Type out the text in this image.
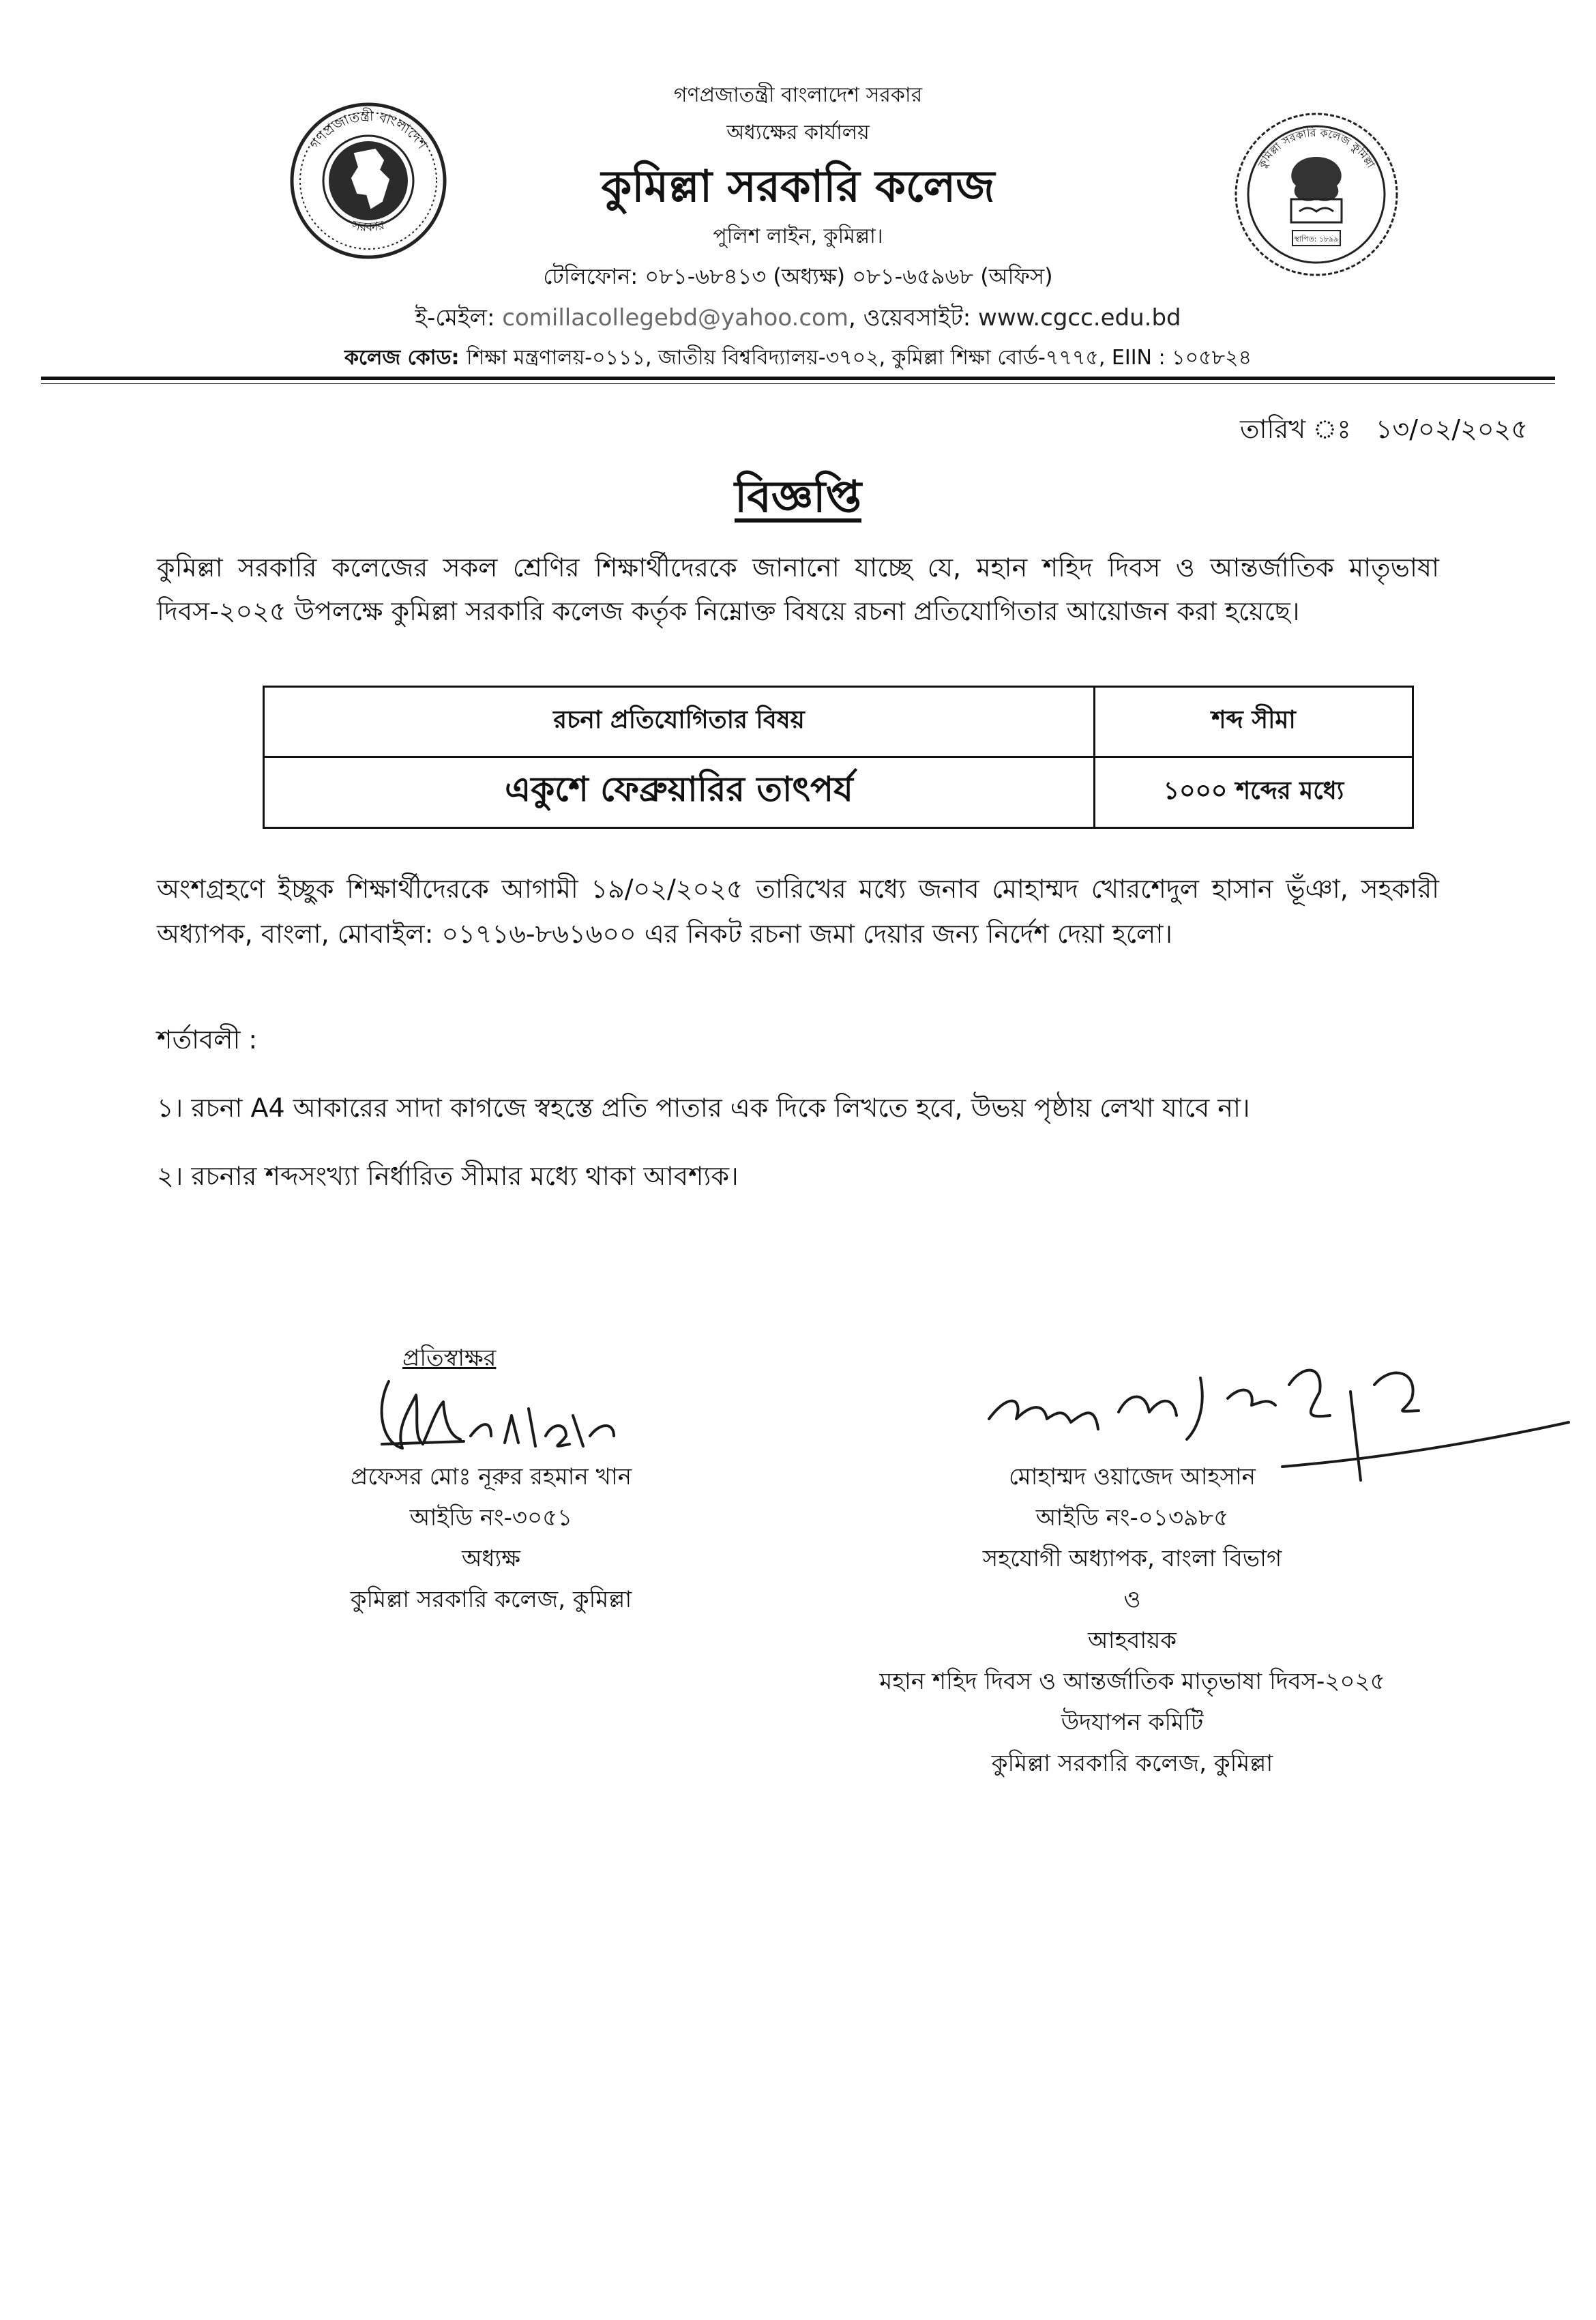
গণপ্রজাতন্ত্রী বাংলাদেশ
সরকার
কুমিল্লা সরকারি কলেজ কুমিল্লা
স্থাপিত: ১৮৯৯
গণপ্রজাতন্ত্রী বাংলাদেশ সরকার
অধ্যক্ষের কার্যালয়
কুমিল্লা সরকারি কলেজ
পুলিশ লাইন, কুমিল্লা।
টেলিফোন: ০৮১-৬৮৪১৩ (অধ্যক্ষ) ০৮১-৬৫৯৬৮ (অফিস)
ই-মেইল: comillacollegebd@yahoo.com, ওয়েবসাইট: www.cgcc.edu.bd
কলেজ কোড: শিক্ষা মন্ত্রণালয়-০১১১, জাতীয় বিশ্ববিদ্যালয়-৩৭০২, কুমিল্লা শিক্ষা বোর্ড-৭৭৭৫, EIIN : ১০৫৮২৪
তারিখ ঃ ১৩/০২/২০২৫
বিজ্ঞপ্তি
কুমিল্লা সরকারি কলেজের সকল শ্রেণির শিক্ষার্থীদেরকে জানানো যাচ্ছে যে, মহান শহিদ দিবস ও আন্তর্জাতিক মাতৃভাষা দিবস-২০২৫ উপলক্ষে কুমিল্লা সরকারি কলেজ কর্তৃক নিম্নোক্ত বিষয়ে রচনা প্রতিযোগিতার আয়োজন করা হয়েছে।
রচনা প্রতিযোগিতার বিষয়	শব্দ সীমা
একুশে ফেব্রুয়ারির তাৎপর্য	১০০০ শব্দের মধ্যে
অংশগ্রহণে ইচ্ছুক শিক্ষার্থীদেরকে আগামী ১৯/০২/২০২৫ তারিখের মধ্যে জনাব মোহাম্মদ খোরশেদুল হাসান ভূঁঞা, সহকারী অধ্যাপক, বাংলা, মোবাইল: ০১৭১৬-৮৬১৬০০ এর নিকট রচনা জমা দেয়ার জন্য নির্দেশ দেয়া হলো।
শর্তাবলী :
১। রচনা A4 আকারের সাদা কাগজে স্বহস্তে প্রতি পাতার এক দিকে লিখতে হবে, উভয় পৃষ্ঠায় লেখা যাবে না।
২। রচনার শব্দসংখ্যা নির্ধারিত সীমার মধ্যে থাকা আবশ্যক।
প্রতিস্বাক্ষর
১৩/০২/২৫
প্রফেসর মোঃ নূরুর রহমান খান
আইডি নং-৩০৫১
অধ্যক্ষ
কুমিল্লা সরকারি কলেজ, কুমিল্লা
১৩/০২/২৫
মোহাম্মদ ওয়াজেদ আহসান
আইডি নং-০১৩৯৮৫
সহযোগী অধ্যাপক, বাংলা বিভাগ
ও
আহবায়ক
মহান শহিদ দিবস ও আন্তর্জাতিক মাতৃভাষা দিবস-২০২৫
উদযাপন কমিটি
কুমিল্লা সরকারি কলেজ, কুমিল্লা
